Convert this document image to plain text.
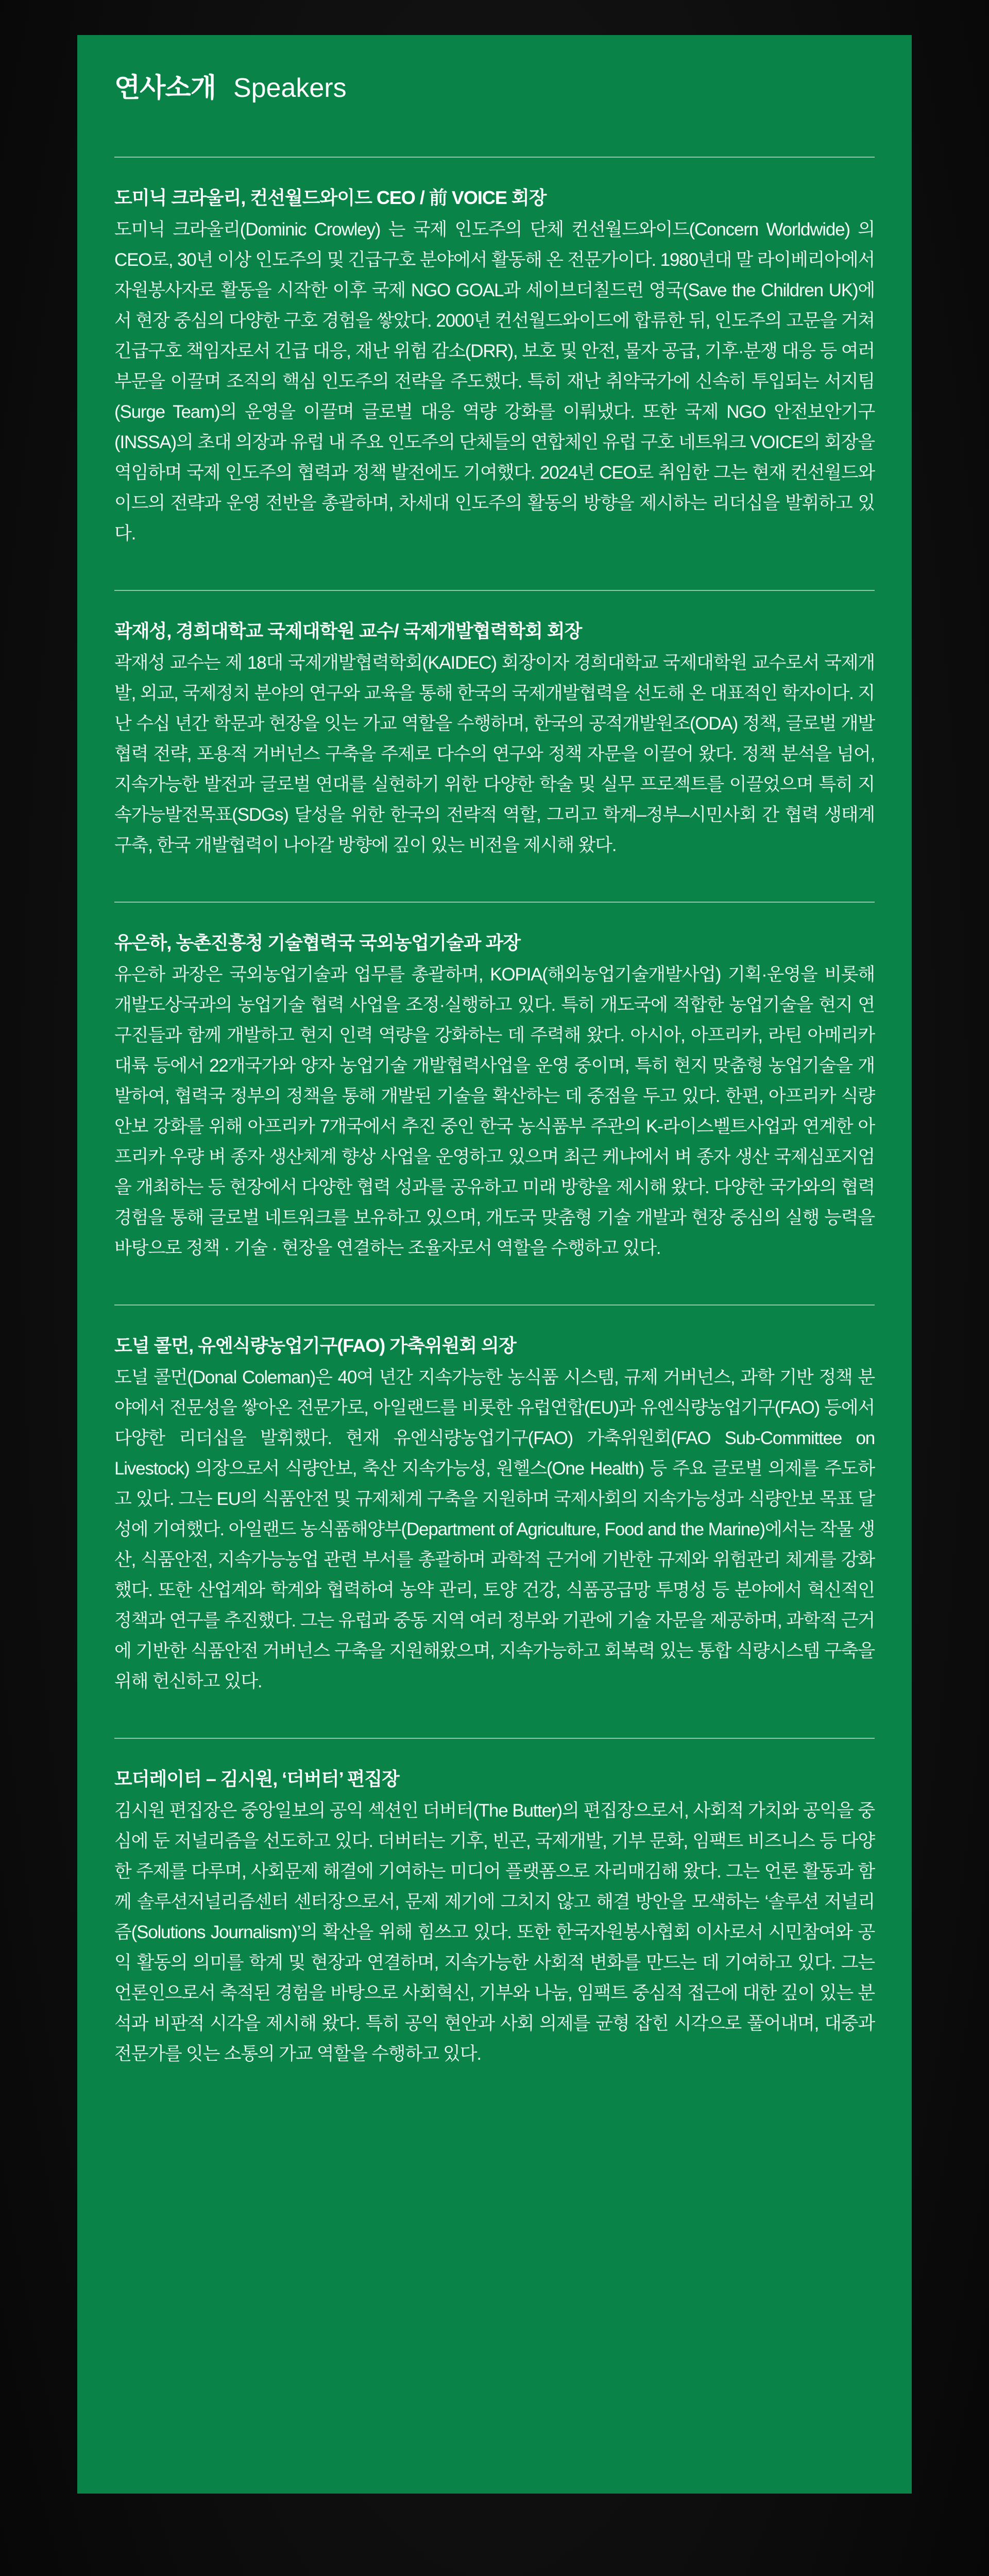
연사소개 Speakers
도미닉 크라울리, 컨선월드와이드 CEO / 前 VOICE 회장

도미닉 크라울리(Dominic Crowley) 는 국제 인도주의 단체 컨선월드와이드(Concern Worldwide) 의 CEO로, 30년 이상 인도주의 및 긴급구호 분야에서 활동해 온 전문가이다. 1980년대 말 라이베리아에서 자원봉사자로 활동을 시작한 이후 국제 NGO GOAL과 세이브더칠드런 영국(Save the Children UK)에서 현장 중심의 다양한 구호 경험을 쌓았다. 2000년 컨선월드와이드에 합류한 뒤, 인도주의 고문을 거쳐 긴급구호 책임자로서 긴급 대응, 재난 위험 감소(DRR), 보호 및 안전, 물자 공급, 기후·분쟁 대응 등 여러 부문을 이끌며 조직의 핵심 인도주의 전략을 주도했다. 특히 재난 취약국가에 신속히 투입되는 서지팀(Surge Team)의 운영을 이끌며 글로벌 대응 역량 강화를 이뤄냈다. 또한 국제 NGO 안전보안기구(INSSA)의 초대 의장과 유럽 내 주요 인도주의 단체들의 연합체인 유럽 구호 네트워크 VOICE의 회장을 역임하며 국제 인도주의 협력과 정책 발전에도 기여했다. 2024년 CEO로 취임한 그는 현재 컨선월드와이드의 전략과 운영 전반을 총괄하며, 차세대 인도주의 활동의 방향을 제시하는 리더십을 발휘하고 있다.

곽재성, 경희대학교 국제대학원 교수/ 국제개발협력학회 회장

곽재성 교수는 제 18대 국제개발협력학회(KAIDEC) 회장이자 경희대학교 국제대학원 교수로서 국제개발, 외교, 국제정치 분야의 연구와 교육을 통해 한국의 국제개발협력을 선도해 온 대표적인 학자이다. 지난 수십 년간 학문과 현장을 잇는 가교 역할을 수행하며, 한국의 공적개발원조(ODA) 정책, 글로벌 개발협력 전략, 포용적 거버넌스 구축을 주제로 다수의 연구와 정책 자문을 이끌어 왔다. 정책 분석을 넘어, 지속가능한 발전과 글로벌 연대를 실현하기 위한 다양한 학술 및 실무 프로젝트를 이끌었으며 특히 지속가능발전목표(SDGs) 달성을 위한 한국의 전략적 역할, 그리고 학계–정부–시민사회 간 협력 생태계 구축, 한국 개발협력이 나아갈 방향에 깊이 있는 비전을 제시해 왔다.

유은하, 농촌진흥청 기술협력국 국외농업기술과 과장

유은하 과장은 국외농업기술과 업무를 총괄하며, KOPIA(해외농업기술개발사업) 기획·운영을 비롯해 개발도상국과의 농업기술 협력 사업을 조정·실행하고 있다. 특히 개도국에 적합한 농업기술을 현지 연구진들과 함께 개발하고 현지 인력 역량을 강화하는 데 주력해 왔다. 아시아, 아프리카, 라틴 아메리카 대륙 등에서 22개국가와 양자 농업기술 개발협력사업을 운영 중이며, 특히 현지 맞춤형 농업기술을 개발하여, 협력국 정부의 정책을 통해 개발된 기술을 확산하는 데 중점을 두고 있다. 한편, 아프리카 식량안보 강화를 위해 아프리카 7개국에서 추진 중인 한국 농식품부 주관의 K-라이스벨트사업과 연계한 아프리카 우량 벼 종자 생산체계 향상 사업을 운영하고 있으며 최근 케냐에서 벼 종자 생산 국제심포지엄을 개최하는 등 현장에서 다양한 협력 성과를 공유하고 미래 방향을 제시해 왔다. 다양한 국가와의 협력 경험을 통해 글로벌 네트워크를 보유하고 있으며, 개도국 맞춤형 기술 개발과 현장 중심의 실행 능력을 바탕으로 정책 · 기술 · 현장을 연결하는 조율자로서 역할을 수행하고 있다.

도널 콜먼, 유엔식량농업기구(FAO) 가축위원회 의장

도널 콜먼(Donal Coleman)은 40여 년간 지속가능한 농식품 시스템, 규제 거버넌스, 과학 기반 정책 분야에서 전문성을 쌓아온 전문가로, 아일랜드를 비롯한 유럽연합(EU)과 유엔식량농업기구(FAO) 등에서 다양한 리더십을 발휘했다. 현재 유엔식량농업기구(FAO) 가축위원회(FAO Sub-Committee on Livestock) 의장으로서 식량안보, 축산 지속가능성, 원헬스(One Health) 등 주요 글로벌 의제를 주도하고 있다. 그는 EU의 식품안전 및 규제체계 구축을 지원하며 국제사회의 지속가능성과 식량안보 목표 달성에 기여했다. 아일랜드 농식품해양부(Department of Agriculture, Food and the Marine)에서는 작물 생산, 식품안전, 지속가능농업 관련 부서를 총괄하며 과학적 근거에 기반한 규제와 위험관리 체계를 강화했다. 또한 산업계와 학계와 협력하여 농약 관리, 토양 건강, 식품공급망 투명성 등 분야에서 혁신적인 정책과 연구를 추진했다. 그는 유럽과 중동 지역 여러 정부와 기관에 기술 자문을 제공하며, 과학적 근거에 기반한 식품안전 거버넌스 구축을 지원해왔으며, 지속가능하고 회복력 있는 통합 식량시스템 구축을 위해 헌신하고 있다.

모더레이터 – 김시원, ‘더버터’ 편집장

김시원 편집장은 중앙일보의 공익 섹션인 더버터(The Butter)의 편집장으로서, 사회적 가치와 공익을 중심에 둔 저널리즘을 선도하고 있다. 더버터는 기후, 빈곤, 국제개발, 기부 문화, 임팩트 비즈니스 등 다양한 주제를 다루며, 사회문제 해결에 기여하는 미디어 플랫폼으로 자리매김해 왔다. 그는 언론 활동과 함께 솔루션저널리즘센터 센터장으로서, 문제 제기에 그치지 않고 해결 방안을 모색하는 ‘솔루션 저널리즘(Solutions Journalism)’의 확산을 위해 힘쓰고 있다. 또한 한국자원봉사협회 이사로서 시민참여와 공익 활동의 의미를 학계 및 현장과 연결하며, 지속가능한 사회적 변화를 만드는 데 기여하고 있다. 그는 언론인으로서 축적된 경험을 바탕으로 사회혁신, 기부와 나눔, 임팩트 중심적 접근에 대한 깊이 있는 분석과 비판적 시각을 제시해 왔다. 특히 공익 현안과 사회 의제를 균형 잡힌 시각으로 풀어내며, 대중과 전문가를 잇는 소통의 가교 역할을 수행하고 있다.
